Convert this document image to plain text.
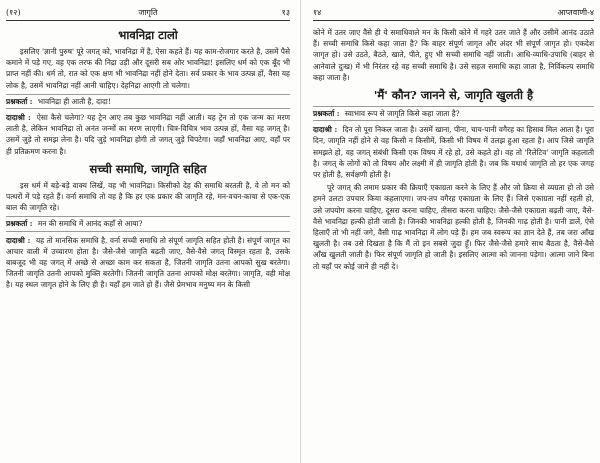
(१२)	जागृति	१३
भावनिद्रा टालो

इसलिए 'ज्ञानी पुरुष' पूरे जगत् को, भावनिद्रा में है, ऐसा कहते हैं। यह काम-रोजगार करते है, उसमें पैसे कमाने में पड़े गए, वह एक तरफ की निद्रा उड़ी और दूसरी सब ओर भावनिद्रा! इसलिए धर्म को एक बूँद भी प्राप्त नहीं की। धर्म तो, रात को एक क्षण भी भावनिद्रा नहीं होने देता। सर्व प्रकार के भाव उत्पन्न हों, वैसा यह लोक है, उसमें भावनिद्रा नहीं आनी चाहिए। देहनिद्रा आएगी तो चलेगा।

प्रश्नकर्ता : भावनिद्रा ही आती है, दादा!

दादाश्री : ऐसा कैसे चलेगा? यह ट्रेन आए तब कुछ भावनिद्रा नहीं आती। यह ट्रेन तो एक जन्म का मरण लाती है, लेकिन भावनिद्रा तो अनंत जन्मों का मरण लाएगी। चित्र-विचित्र भाव उत्पन्न हों, वैसा यह जगत् है। उसमें जुड़े तो समझ लेना है। यदि जुड़े भावनिद्रा होगी तो जगत् जुड़े चिपटेगा। जहाँ भावनिद्रा आए, वहाँ पर ही प्रतिक्रमण करना है।

सच्ची समाधि, जागृति सहित

इस धर्म में बड़े-बड़े वाक्य लिखें, वह भी भावनिद्रा। किसीको देह की समाधि बरतती है, वे तो मन को पत्थरों में पड़े रहते हैं। वर्ना समाधि तो वह है कि हर एक प्रकार की जागृति रहे, मन-वचन-काया से एक-एक बाल की जागृति रहे।

प्रश्नकर्ता : मन की समाधि में आनंद कहाँ से आया?

दादाश्री : यह तो मानसिक समाधि है, वर्ना सच्ची समाधि तो संपूर्ण जागृति सहित होती है। संपूर्ण जागृत का आचार वाली में उच्चारण होता है। जैसे-जैसे जागृति बढ़ती जाए, वैसे-वैसे जगत् विस्मृत रहता है, उसके बाबजूद भी वह जगत् में अच्छे से अच्छा काम कर सकता है, जितनी जागृति उतना आपको सुख बरतेगा। जितनी जागृति उतनी आपको मुक्ति बरतेगी। जितनी जागृति उतना आपको मोक्ष बरतेगा। जागृति, वही मोक्ष है। यह स्थल जागृत होने के लिए ही है। यहाँ हम जाते हो हैं। जैसे प्रेमभाव मनुष्य मन के किसी

१४	आप्तवाणी-४

कोने में उतर जाए वैसे ही ये समाधिवाले मन के किसी कोने में गहरे उतर जाते हैं और उसीमें आनंद उठाते हैं। सच्ची समाधि किसे कहा जाता है? कि बाहर संपूर्ण जागृत और अंदर भी संपूर्ण जागृत हो। एकदेश जागृत हो। उसे उठते, बैठते, खाते, पीते, हुए भी सच्ची समाधि नहीं जाती। आधि-व्याधि-उपाधि (बाहर से आनेवाले दुःख) में भी निरंतर रहे वह सच्ची समाधि है। उसे सहज समाधि कहा जाता है, निर्विकल्प समाधि कहा जाता है।

'मैं' कौन? जानने से, जागृति खुलती है
प्रश्नकर्ता : स्वाभाव रूप से जागृति किसे कहा जाता है?

दादाश्री : दिन तो पूरा निकल जाता है। उसमें खाना, पीना, चाय-पानी वगैरह का हिसाब मिल आता है। पूरा दिन, जागृति नहीं होने से वह किसी न किसीमें, किसी भी विषय में उलझ हुआ रहता है। आप जिसे जागृति समझते हो, वह जगत् संबंधी किसी एक विषय में रहे हो, उसे कहते हो। वह तो 'रिलेटिव' जागृति कहलाती है। जगत् के लोगों को तो विषय और लक्ष्मी में ही जागृति होती है। जब कि यथार्थ जागृति तो हर एक जगह पर होती है, सर्वक्षणी होती है।

पूरे जगत् की तमाम प्रकार की क्रियाएँ एकाग्रता करने के लिए हैं और जो क्रिया से व्यग्रता हो तो उसे हमने उलटा उपचार किया कहलाएगा। जप-तप वगैरह एकाग्रता के लिए हैं। जिसे एकाग्रता नहीं रहती हो, उसे जपयोग करना चाहिए, दूसरा करना चाहिए, तीसरा करना चाहिए। जैसे-जैसे एकाग्रता बढ़ती जाए, वैसे-वैसे भावनिद्रा हल्की होती जाती है। जिनकी भावनिद्रा हल्की होती है, जिनकी गाढ़ होती है। पानी डालें, ऐसे हिलाएँ तो भी नहीं जगे, वैसी गाढ़ भावनिद्रा में लोग पड़े हैं। हम जब स्वरूप का ज्ञान देते हैं, तब जरा आँख खुलती है। तब उसे दिखता है कि मैं तो इन सबसे जुदा हूँ। फिर जैसे-जैसे हमारे साथ बैठता है, वैसे-वैसे आँख खुलती जाती है। फिर संपूर्ण जागृति हो जाती है। इसलिए आत्मा को जानना पड़ेगा। आत्मा जाने बिना तो यहाँ पर कोई जाने ही नहीं दे।
